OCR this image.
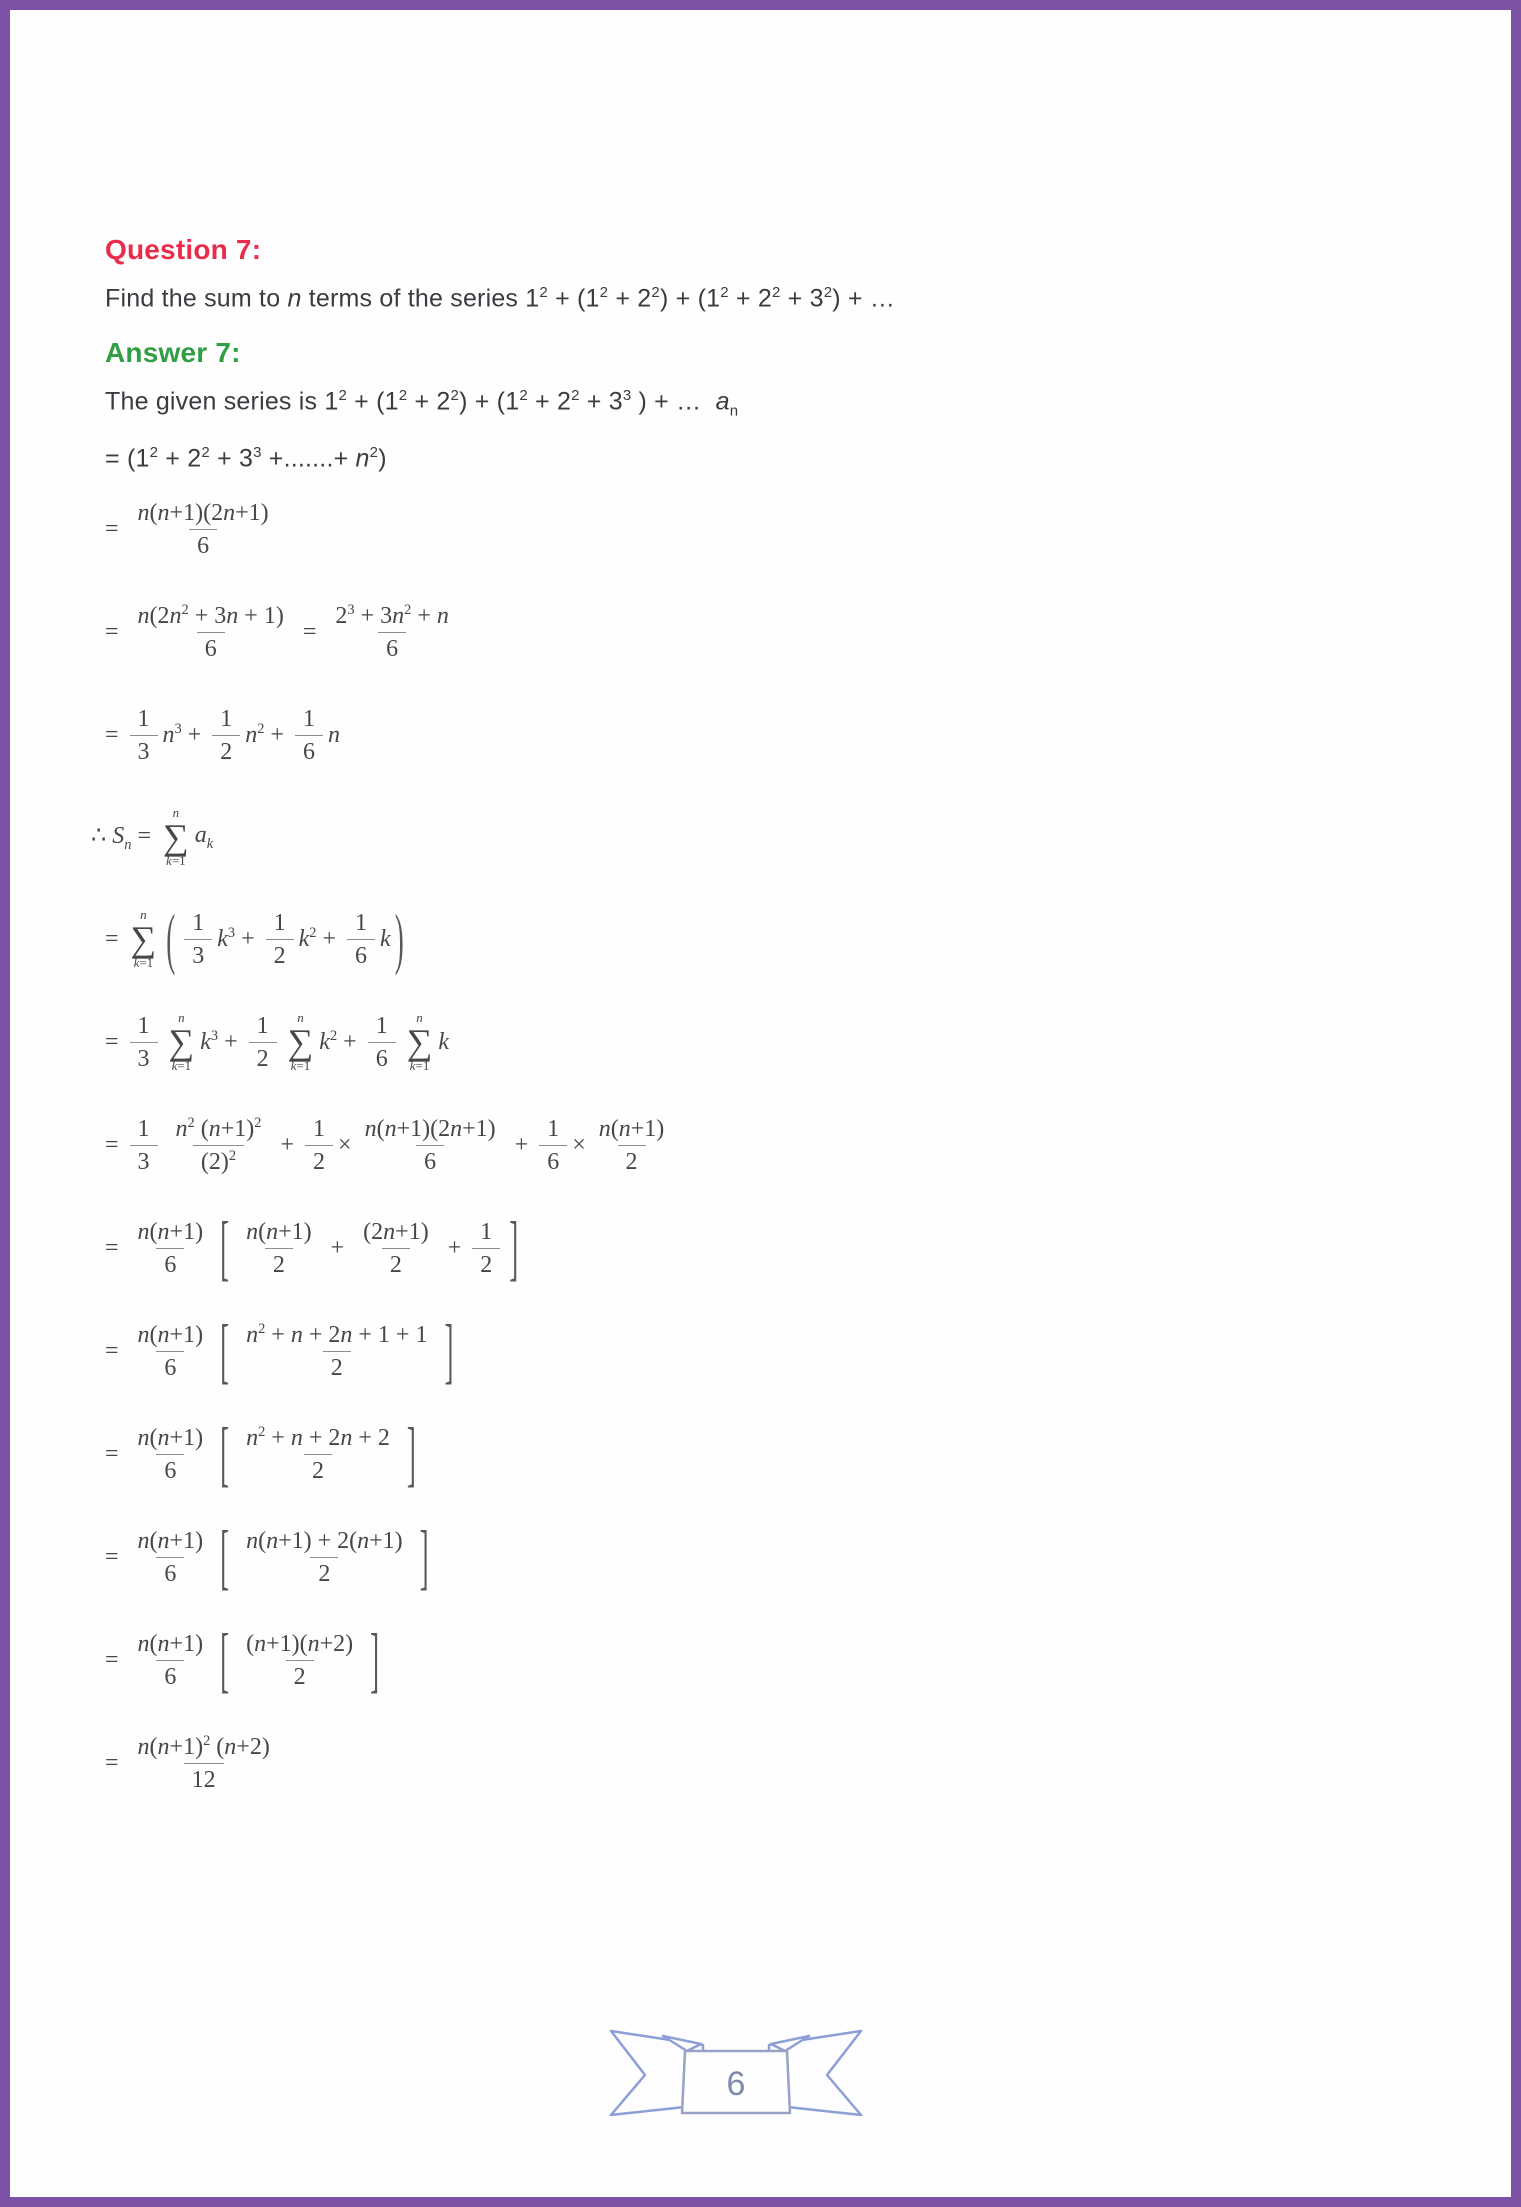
Question 7:
Find the sum to n terms of the series $1^2 + (1^2 + 2^2) + (1^2 + 2^2 + 3^2)$ + …
Answer 7:
The given series is $1^2 + (1^2 + 2^2) + (1^2 + 2^2 + 3^3$ ) + …  $a_n$
= ($1^2 + 2^2 + 3^3$ +.......+ $n^2$)
= $\frac{n(n+1)(2n+1)}{6}$
= $\frac{n(2n^2 + 3n + 1)}{6} = \frac{2^3 + 3n^2 + n}{6}$
= $\frac{1}{3} n^3 + \frac{1}{2} n^2 + \frac{1}{6}$ n
∴ $S_n$ =
n
∑
k=1
$a_k$
=
n
∑
k=1 ( $\frac{1}{3} k^3 + \frac{1}{2} k^2 + \frac{1}{6}$ k )
= $\frac{1}{3}$ n
∑
k=1
$k^3 + \frac{1}{2}$ n
∑
k=1
$k^2 + \frac{1}{6}$ n
∑
k=1
k
= $\frac{1}{3} \frac{n^2 (n+1)^2}{(2)^2} + \frac{1}{2} \times \frac{n(n+1)(2n+1)}{6} + \frac{1}{6} \times \frac{n(n+1)}{2}$
= $\frac{n(n+1)}{6}$ [ $\frac{n(n+1)}{2} + \frac{(2n+1)}{2} + \frac{1}{2}$ ]
= $\frac{n(n+1)}{6}$ [ $\frac{n^2 + n + 2n + 1 + 1}{2}$ ]
= $\frac{n(n+1)}{6}$ [ $\frac{n^2 + n + 2n + 2}{2}$ ]
= $\frac{n(n+1)}{6}$ [ $\frac{n(n+1) + 2(n+1)}{2}$ ]
= $\frac{n(n+1)}{6}$ [ $\frac{(n+1)(n+2)}{2}$ ]
= $\frac{n(n+1)^2 (n+2)}{12}$
6
